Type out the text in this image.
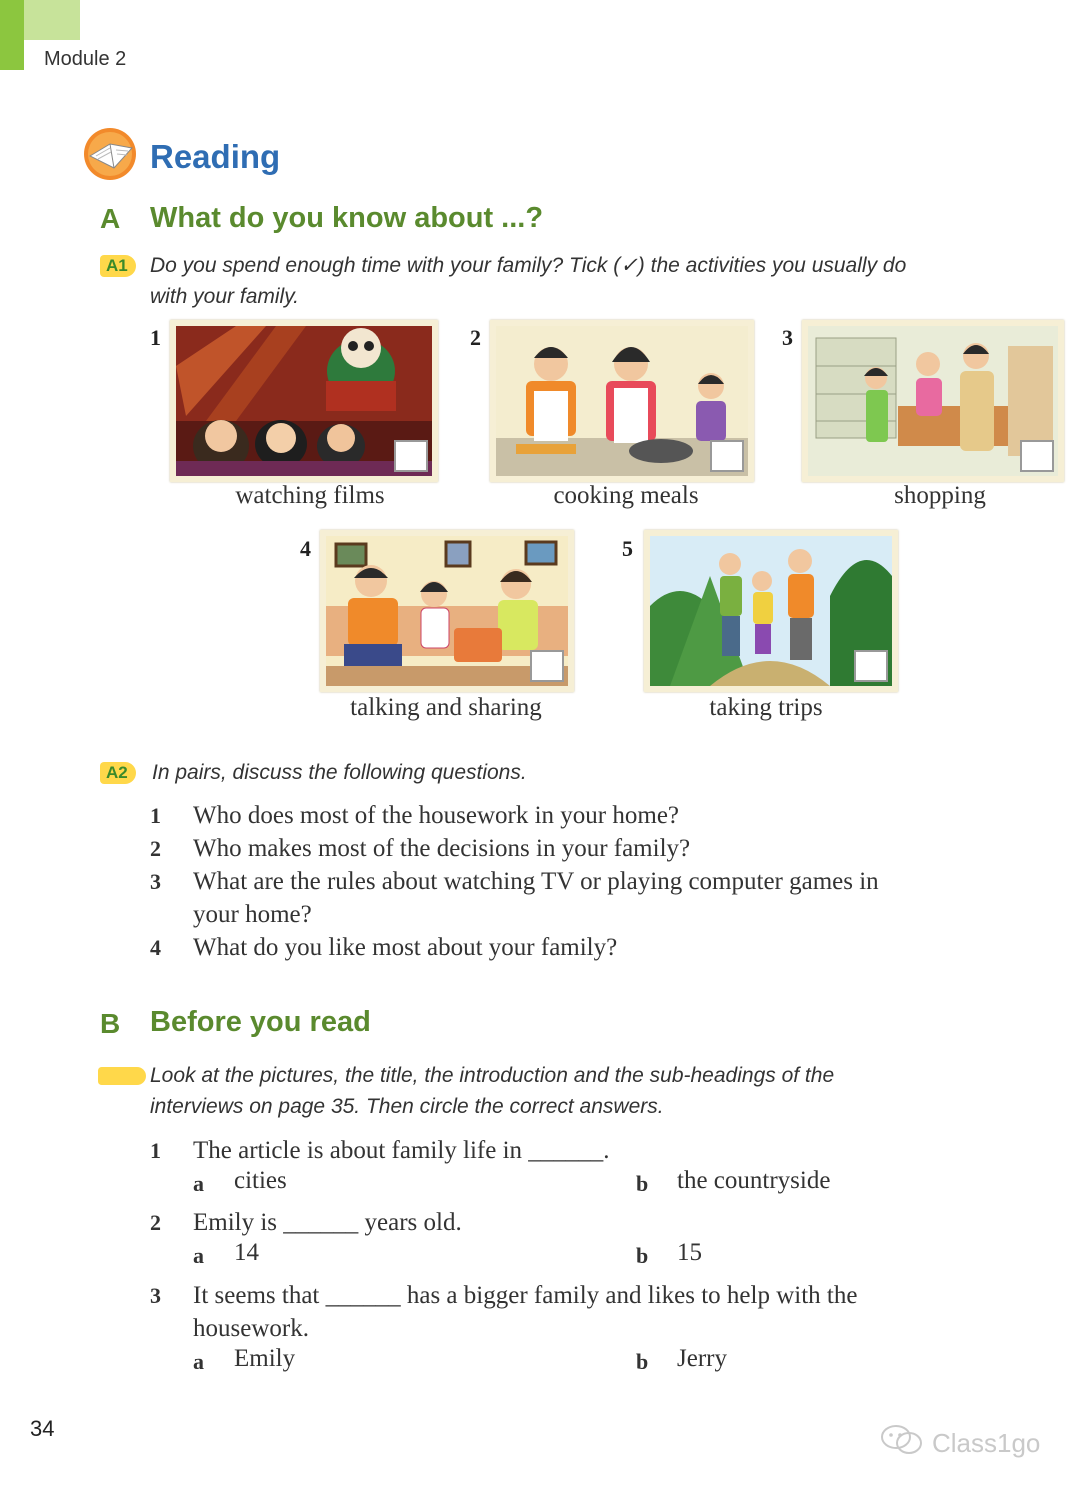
Module 2
Reading
A What do you know about ...?
A1	Do you spend enough time with your family? Tick (✓) the activities you usually do
with your family.
1
watching films
2
cooking meals
3
shopping
4
talking and sharing
5
taking trips
A2	In pairs, discuss the following questions.
1 Who does most of the housework in your home?
2 Who makes most of the decisions in your family?
3 What are the rules about watching TV or playing computer games in
your home?
4 What do you like most about your family?
B Before you read
Look at the pictures, the title, the introduction and the sub-headings of the
interviews on page 35. Then circle the correct answers.
1 The article is about family life in ______.
a cities	b the countryside
2 Emily is ______ years old.
a 14	b 15
3 It seems that ______ has a bigger family and likes to help with the
housework.
a Emily	b Jerry
34	Class1go
